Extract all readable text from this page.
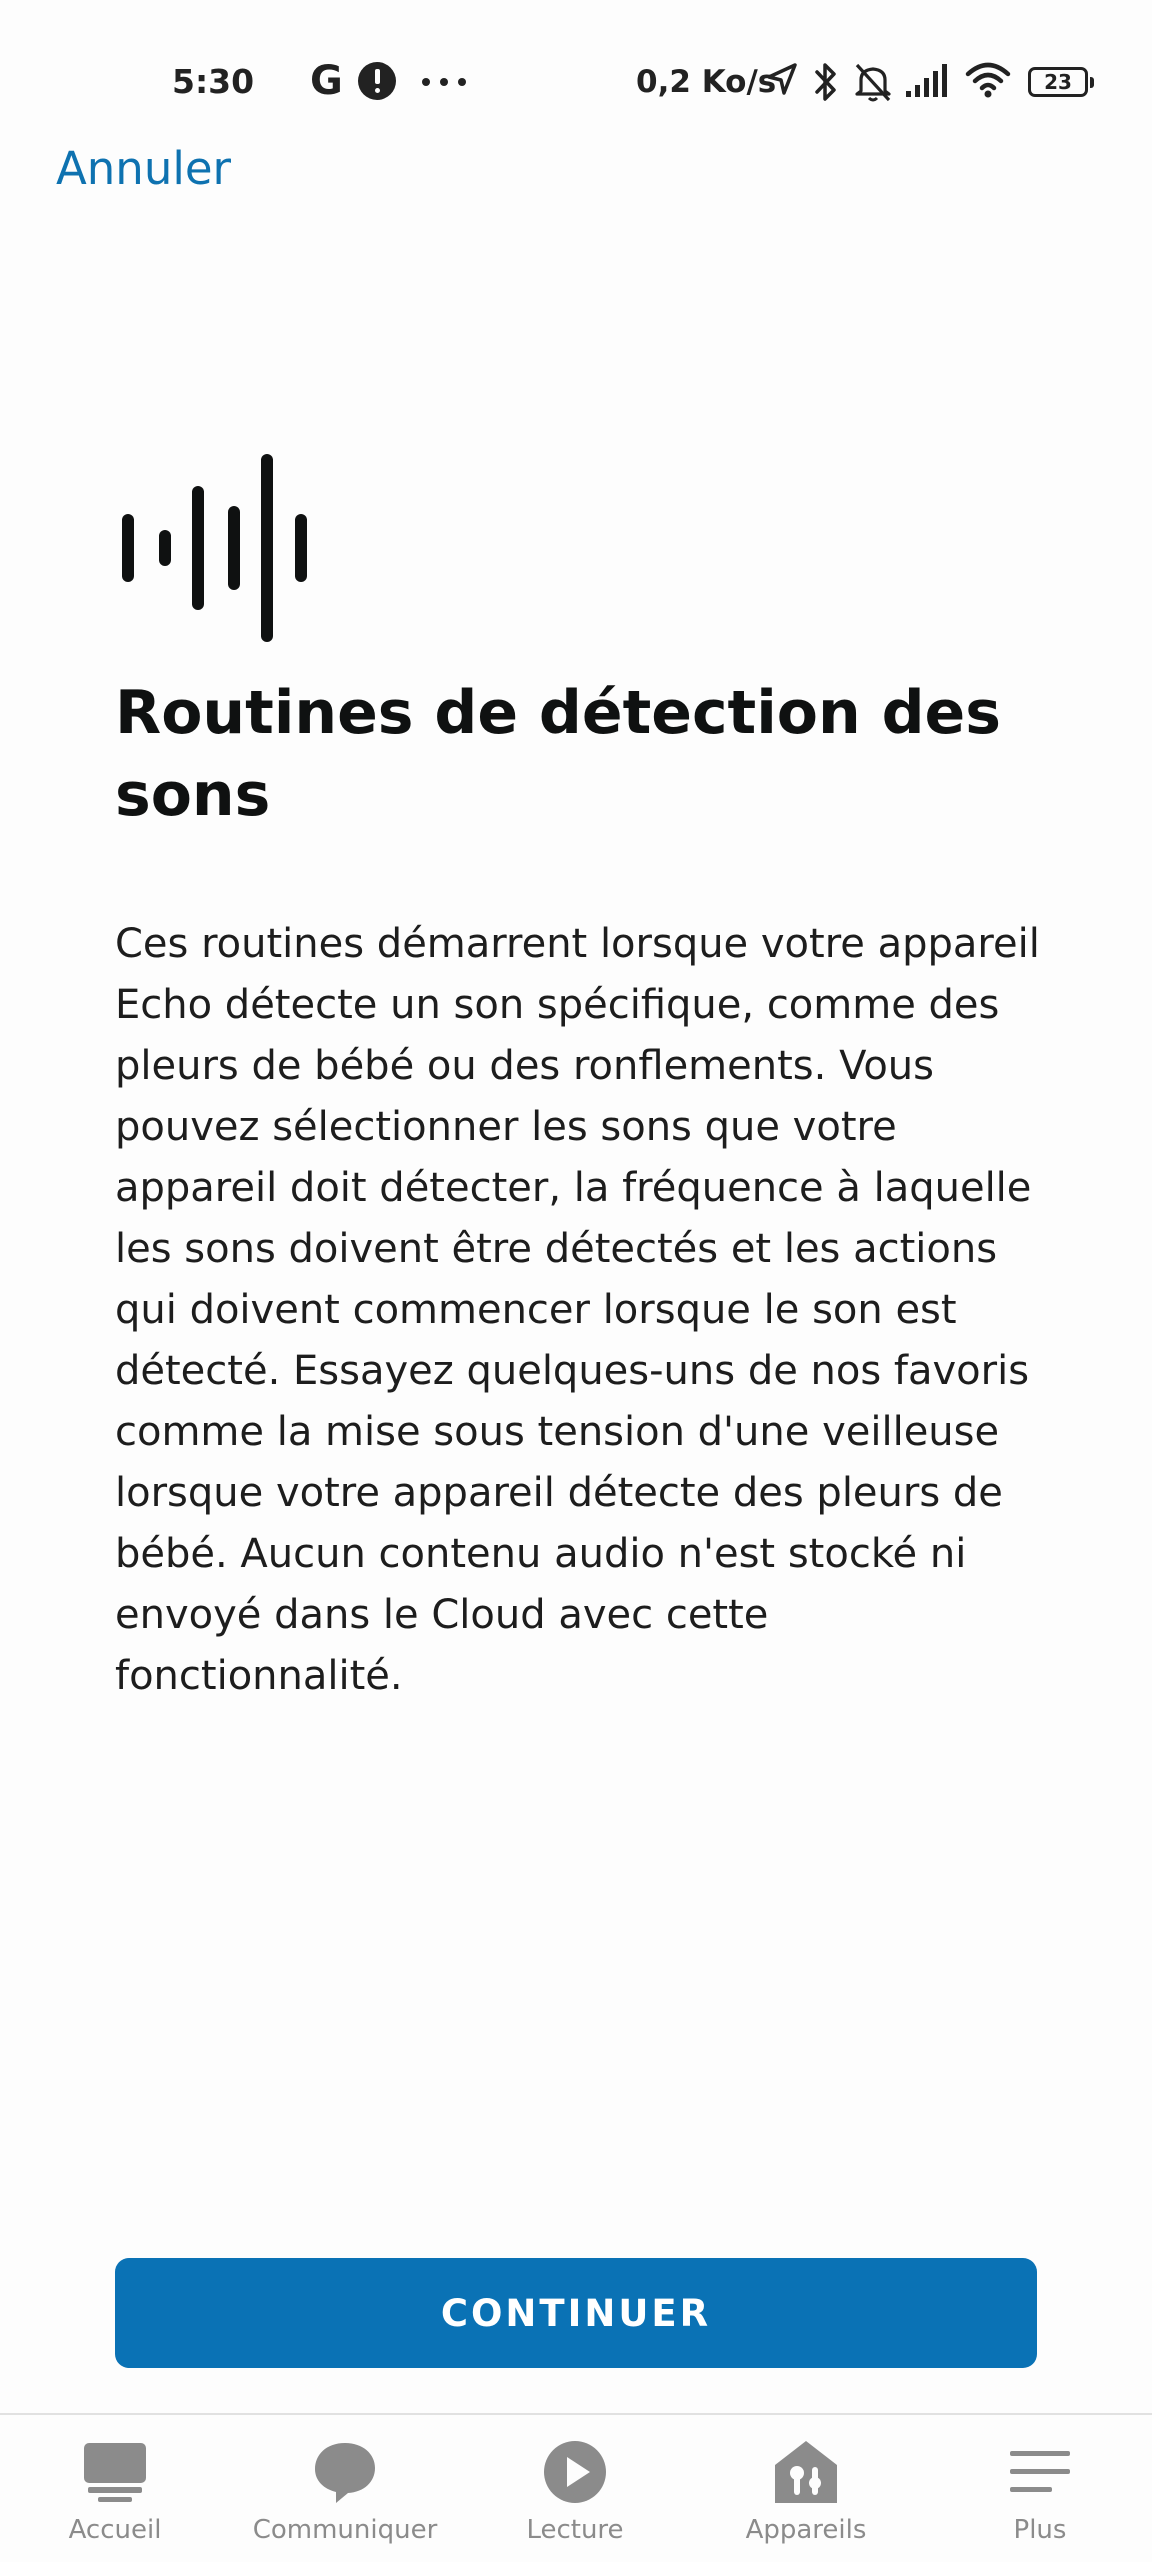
5:30 G	0,2 Ko/s	23
Annuler
Routines de détection des sons

Ces routines démarrent lorsque votre appareil Echo détecte un son spécifique, comme des pleurs de bébé ou des ronflements. Vous pouvez sélectionner les sons que votre appareil doit détecter, la fréquence à laquelle les sons doivent être détectés et les actions qui doivent commencer lorsque le son est détecté. Essayez quelques-uns de nos favoris comme la mise sous tension d'une veilleuse lorsque votre appareil détecte des pleurs de bébé. Aucun contenu audio n'est stocké ni envoyé dans le Cloud avec cette fonctionnalité.

CONTINUER
Accueil	Communiquer	Lecture	Appareils	Plus
